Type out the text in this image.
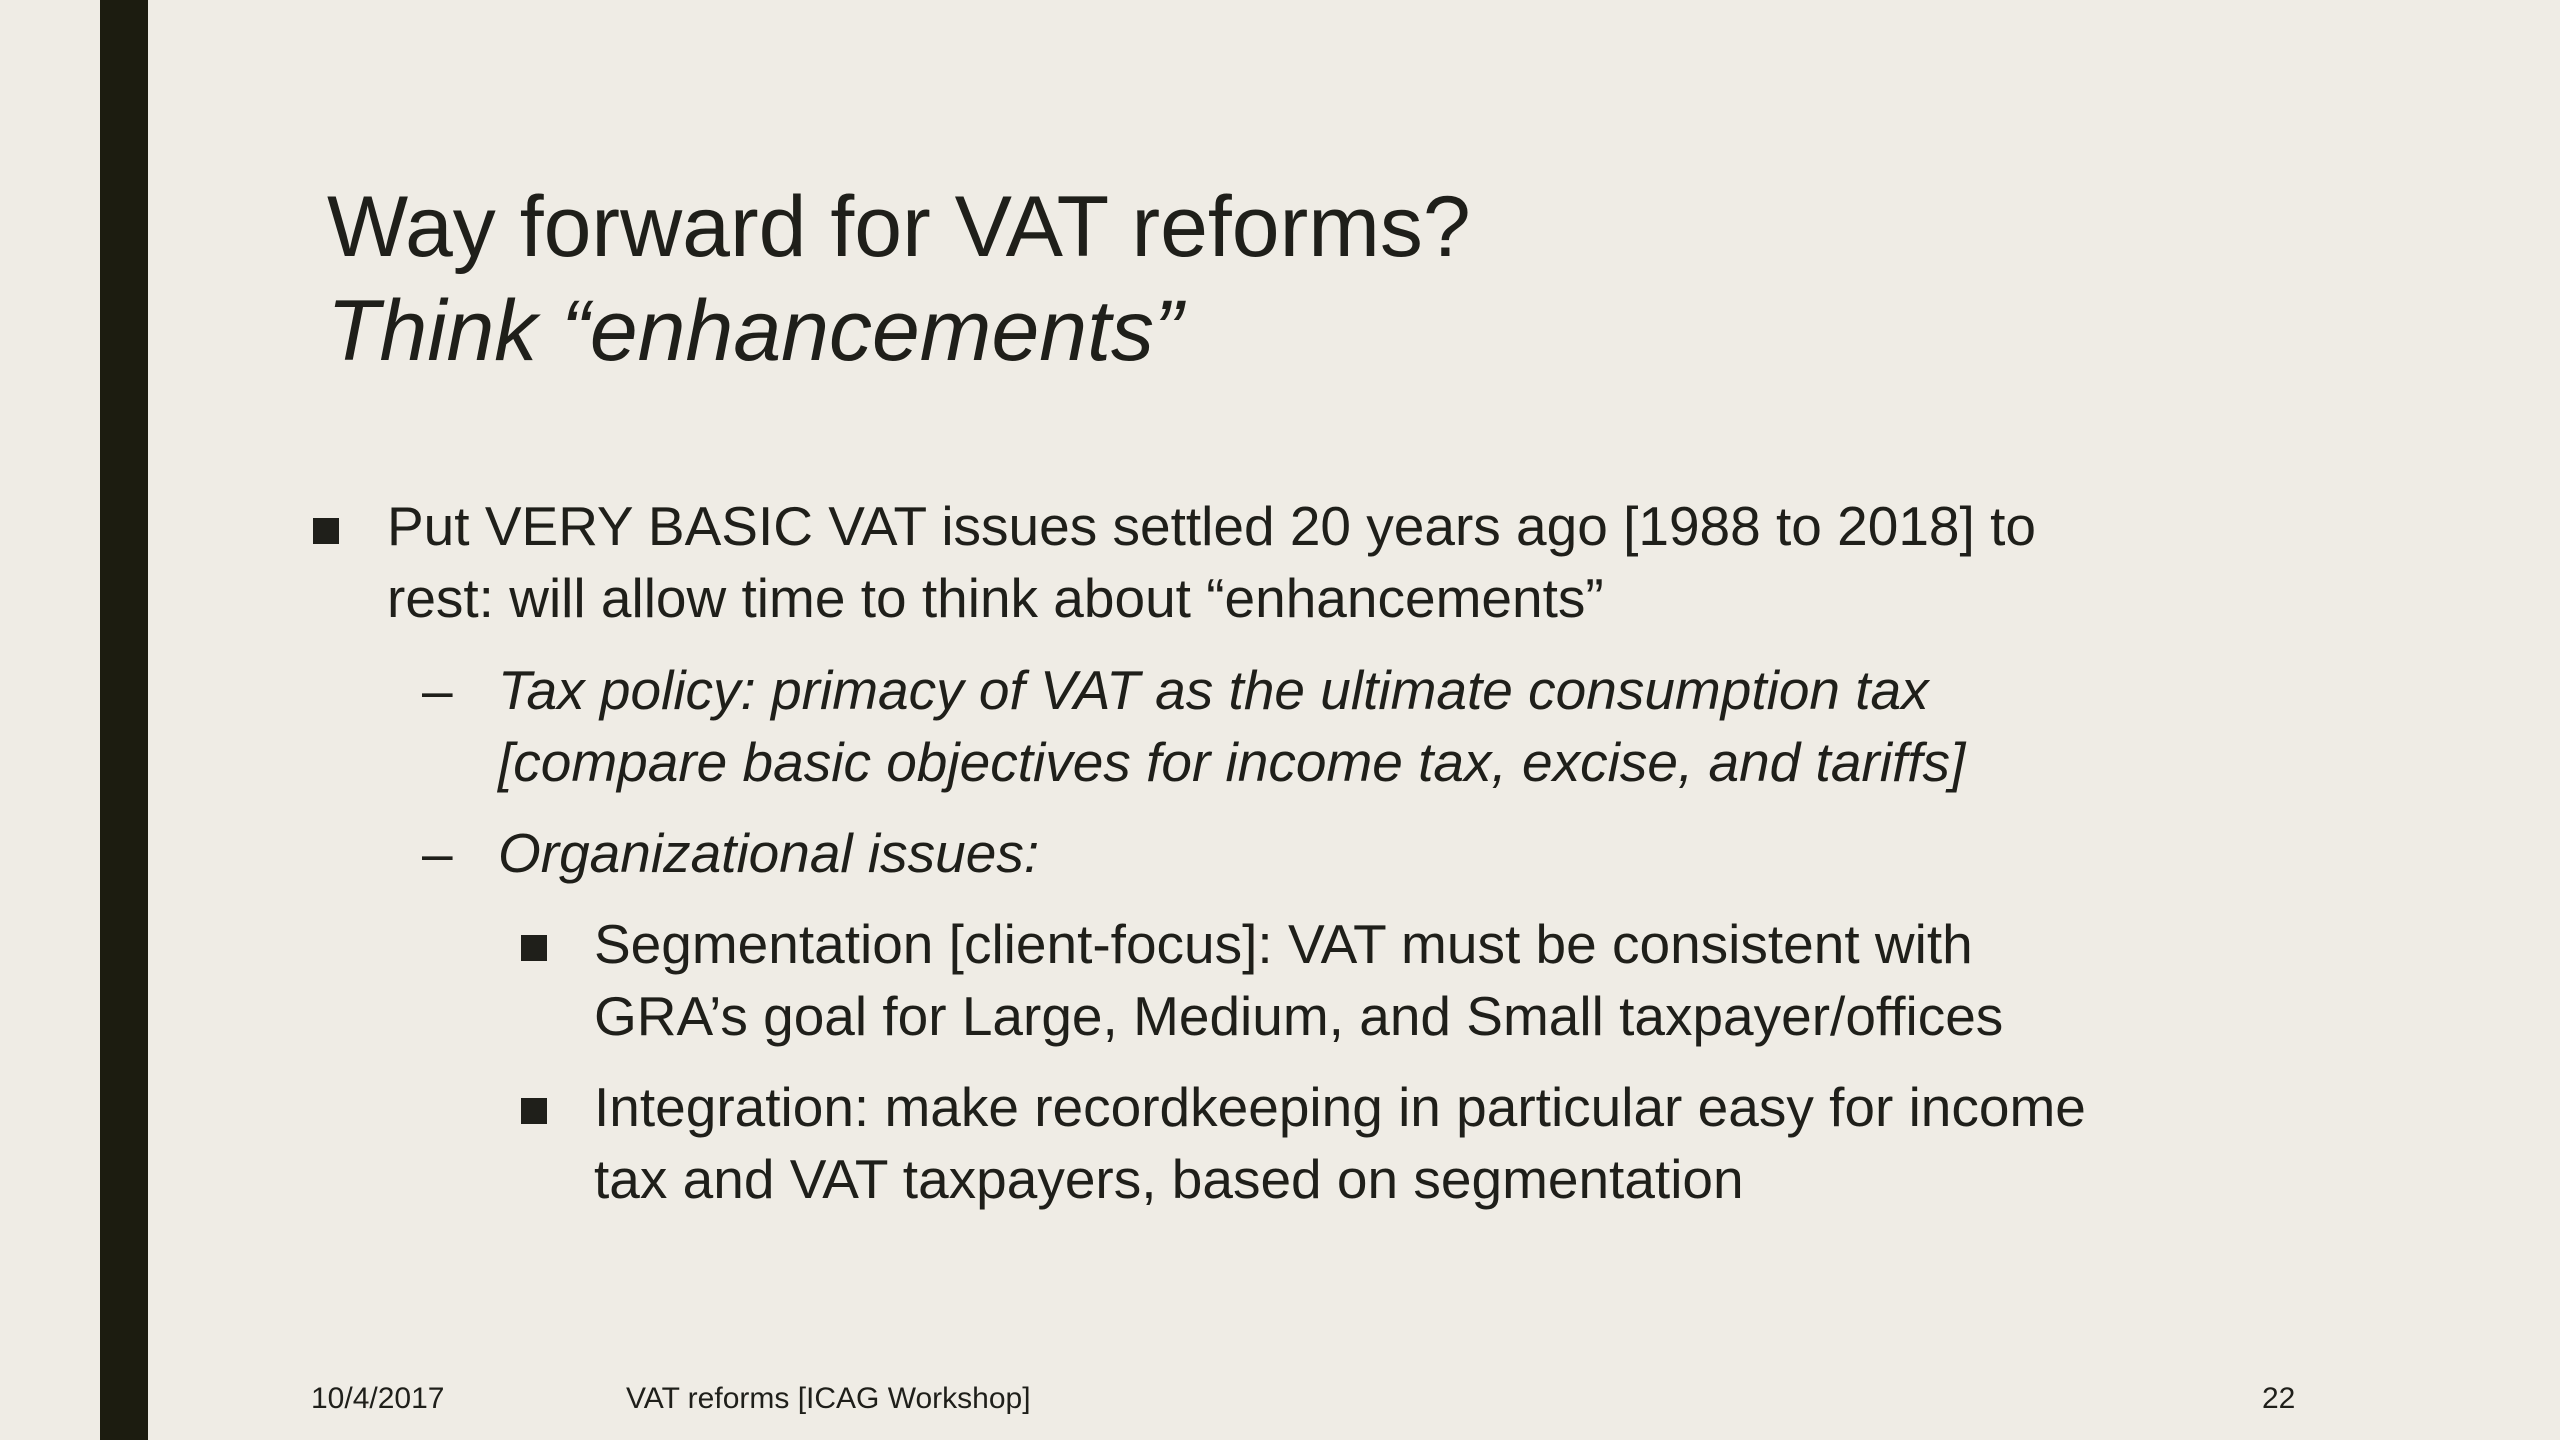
Way forward for VAT reforms?
Think “enhancements”
Put VERY BASIC VAT issues settled 20 years ago [1988 to 2018] to
rest: will allow time to think about “enhancements”
– Tax policy: primacy of VAT as the ultimate consumption tax
[compare basic objectives for income tax, excise, and tariffs]
– Organizational issues:
Segmentation [client-focus]: VAT must be consistent with
GRA’s goal for Large, Medium, and Small taxpayer/offices
Integration: make recordkeeping in particular easy for income
tax and VAT taxpayers, based on segmentation
10/4/2017	VAT reforms [ICAG Workshop]	22
